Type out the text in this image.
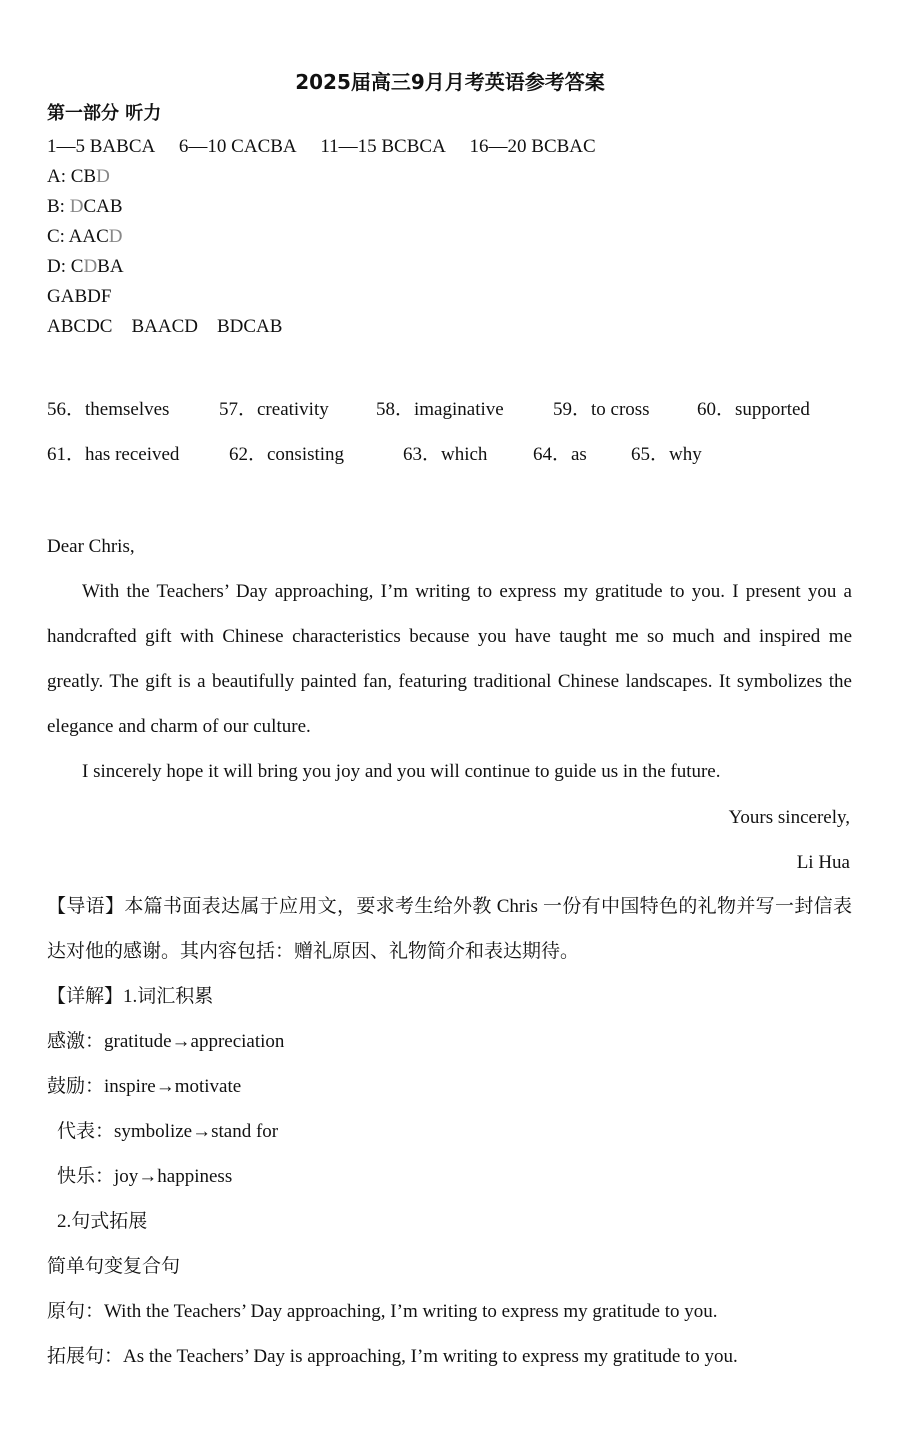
2025届高三9月月考英语参考答案
第一部分 听力
1—5 BABCA 6—10 CACBA 11—15 BCBCA 16—20 BCBAC
A: CBD
B: DCAB
C: AACD
D: CDBA
GABDF
ABCDC    BAACD    BDCAB
56．themselves	57．creativity 58．imaginative	59．to cross 60．supported
61．has received	62．consisting	63．which 64．as 65．why
Dear Chris,
With the Teachers’ Day approaching, I’m writing to express my gratitude to you. I present you a handcrafted gift with Chinese characteristics because you have taught me so much and inspired me greatly. The gift is a beautifully painted fan, featuring traditional Chinese landscapes. It symbolizes the elegance and charm of our culture.
I sincerely hope it will bring you joy and you will continue to guide us in the future.
Yours sincerely,
Li Hua
【导语】本篇书面表达属于应用文，要求考生给外教 Chris 一份有中国特色的礼物并写一封信表达对他的感谢。其内容包括：赠礼原因、礼物简介和表达期待。
【详解】1.词汇积累
感激：gratitude→appreciation
鼓励：inspire→motivate
代表：symbolize→stand for
快乐：joy→happiness
2.句式拓展
简单句变复合句
原句：With the Teachers’ Day approaching, I’m writing to express my gratitude to you.
拓展句：As the Teachers’ Day is approaching, I’m writing to express my gratitude to you.
